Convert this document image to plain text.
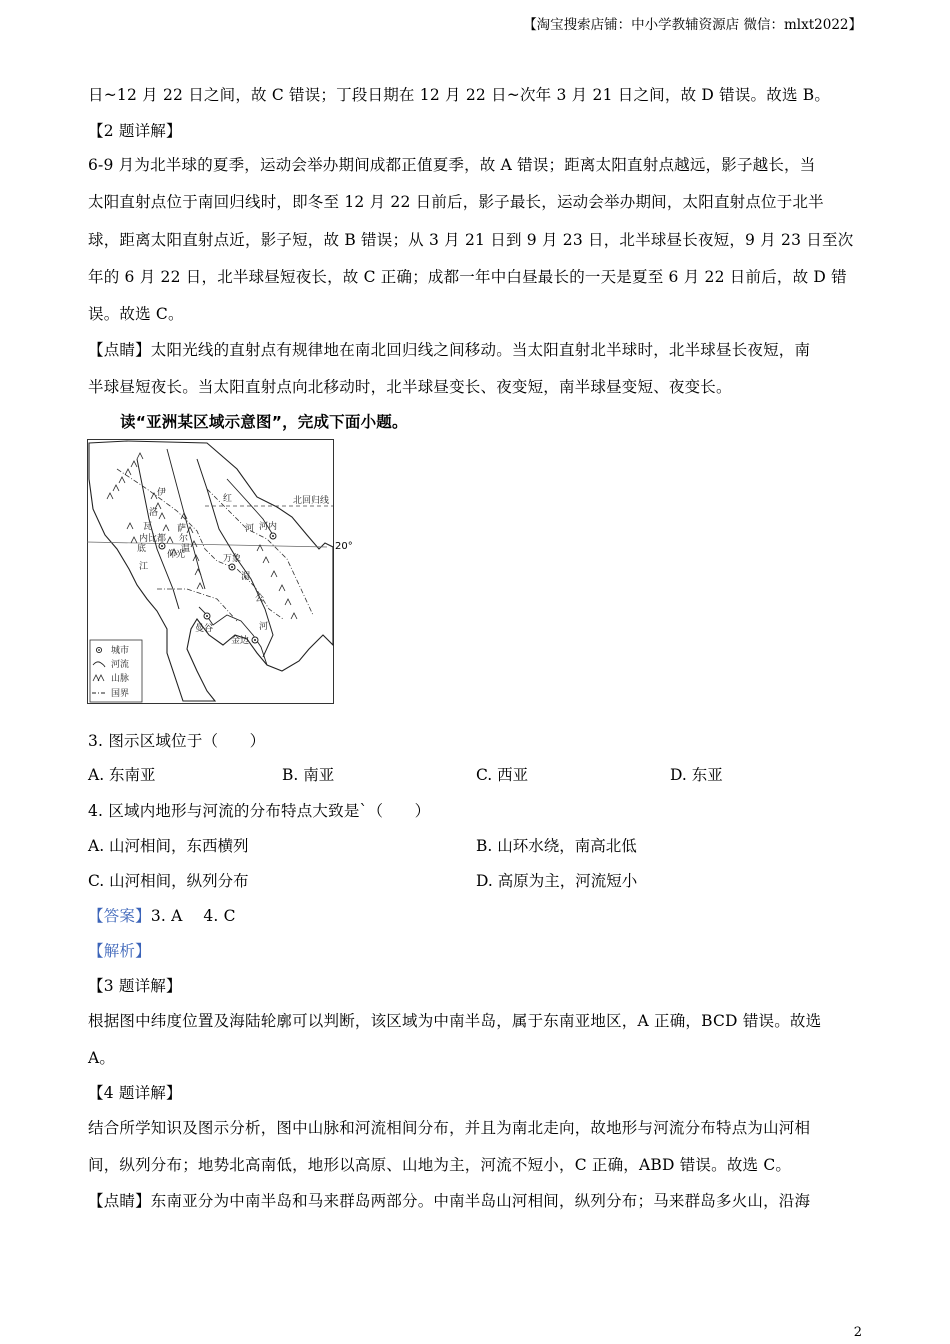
【淘宝搜索店铺：中小学教辅资源店 微信：mlxt2022】
日~12 月 22 日之间，故 C 错误；丁段日期在 12 月 22 日~次年 3 月 21 日之间，故 D 错误。故选 B。
【2 题详解】
6-9 月为北半球的夏季，运动会举办期间成都正值夏季，故 A 错误；距离太阳直射点越远，影子越长，当
太阳直射点位于南回归线时，即冬至 12 月 22 日前后，影子最长，运动会举办期间，太阳直射点位于北半
球，距离太阳直射点近，影子短，故 B 错误；从 3 月 21 日到 9 月 23 日，北半球昼长夜短，9 月 23 日至次
年的 6 月 22 日，北半球昼短夜长，故 C 正确；成都一年中白昼最长的一天是夏至 6 月 22 日前后，故 D 错
误。故选 C。
【点睛】太阳光线的直射点有规律地在南北回归线之间移动。当太阳直射北半球时，北半球昼长夜短，南
半球昼短夜长。当太阳直射点向北移动时，北半球昼变长、夜变短，南半球昼变短、夜变长。
读“亚洲某区域示意图”，完成下面小题。
北回归线
红
河 河内
伊
洛
瓦
内比都
底
江
仰光
萨
尔
温
万象
湄
公
河
曼谷
金边
城市
河流
山脉
国界
20°
3. 图示区域位于（　　）
A. 东南亚	B. 南亚	C. 西亚	D. 东亚
4. 区域内地形与河流的分布特点大致是`（　　）
A. 山河相间，东西横列	B. 山环水绕，南高北低
C. 山河相间，纵列分布	D. 高原为主，河流短小
【答案】3. A　 4. C
【解析】
【3 题详解】
根据图中纬度位置及海陆轮廓可以判断，该区域为中南半岛，属于东南亚地区，A 正确，BCD 错误。故选
A。
【4 题详解】
结合所学知识及图示分析，图中山脉和河流相间分布，并且为南北走向，故地形与河流分布特点为山河相
间，纵列分布；地势北高南低，地形以高原、山地为主，河流不短小，C 正确，ABD 错误。故选 C。
【点睛】东南亚分为中南半岛和马来群岛两部分。中南半岛山河相间，纵列分布；马来群岛多火山，沿海
2
